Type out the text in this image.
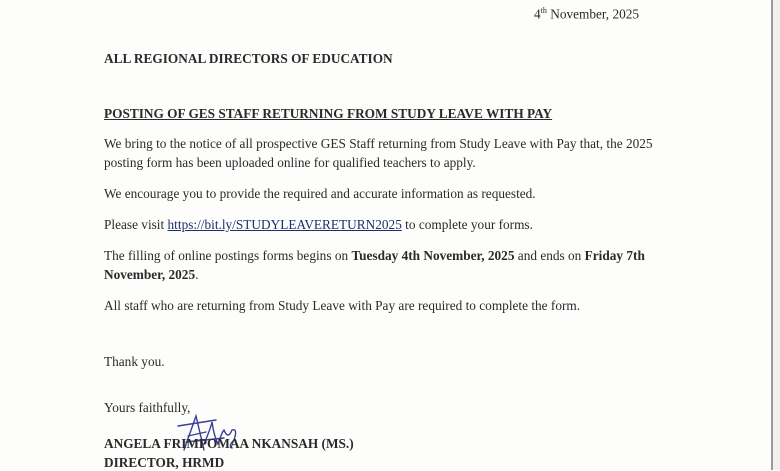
4th November, 2025
ALL REGIONAL DIRECTORS OF EDUCATION
POSTING OF GES STAFF RETURNING FROM STUDY LEAVE WITH PAY
We bring to the notice of all prospective GES Staff returning from Study Leave with Pay that, the 2025
posting form has been uploaded online for qualified teachers to apply.
We encourage you to provide the required and accurate information as requested.
Please visit https://bit.ly/STUDYLEAVERETURN2025 to complete your forms.
The filling of online postings forms begins on Tuesday 4th November, 2025 and ends on Friday 7th
November, 2025.
All staff who are returning from Study Leave with Pay are required to complete the form.
Thank you.
Yours faithfully,
ANGELA FRIMPOMAA NKANSAH (MS.)
DIRECTOR, HRMD
